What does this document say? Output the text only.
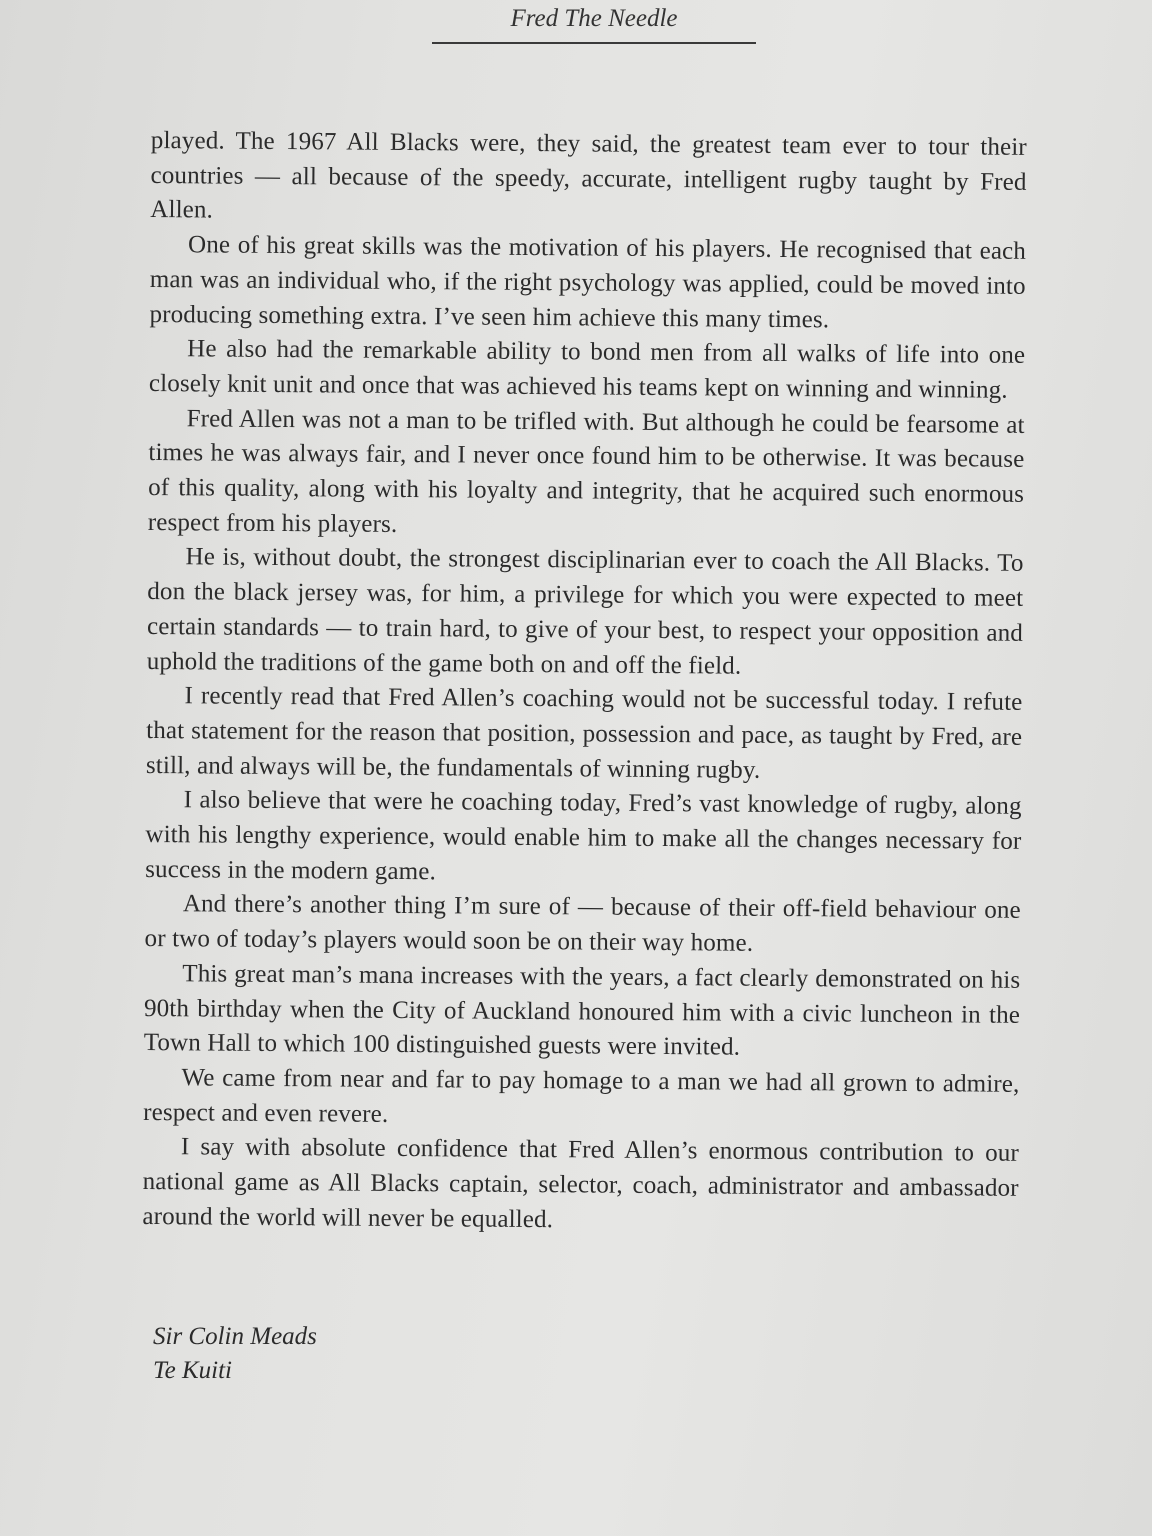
Fred The Needle

played. The 1967 All Blacks were, they said, the greatest team ever to tour their countries — all because of the speedy, accurate, intelligent rugby taught by Fred Allen.

One of his great skills was the motivation of his players. He recognised that each man was an individual who, if the right psychology was applied, could be moved into producing something extra. I’ve seen him achieve this many times.

He also had the remarkable ability to bond men from all walks of life into one closely knit unit and once that was achieved his teams kept on winning and winning.

Fred Allen was not a man to be trifled with. But although he could be fearsome at times he was always fair, and I never once found him to be otherwise. It was because of this quality, along with his loyalty and integrity, that he acquired such enormous respect from his players.

He is, without doubt, the strongest disciplinarian ever to coach the All Blacks. To don the black jersey was, for him, a privilege for which you were expected to meet certain standards — to train hard, to give of your best, to respect your opposition and uphold the traditions of the game both on and off the field.

I recently read that Fred Allen’s coaching would not be successful today. I refute that statement for the reason that position, possession and pace, as taught by Fred, are still, and always will be, the fundamentals of winning rugby.

I also believe that were he coaching today, Fred’s vast knowledge of rugby, along with his lengthy experience, would enable him to make all the changes necessary for success in the modern game.

And there’s another thing I’m sure of — because of their off-field behaviour one or two of today’s players would soon be on their way home.

This great man’s mana increases with the years, a fact clearly demonstrated on his 90th birthday when the City of Auckland honoured him with a civic luncheon in the Town Hall to which 100 distinguished guests were invited.

We came from near and far to pay homage to a man we had all grown to admire, respect and even revere.

I say with absolute confidence that Fred Allen’s enormous contribution to our national game as All Blacks captain, selector, coach, administrator and ambassador around the world will never be equalled.

Sir Colin Meads
Te Kuiti
